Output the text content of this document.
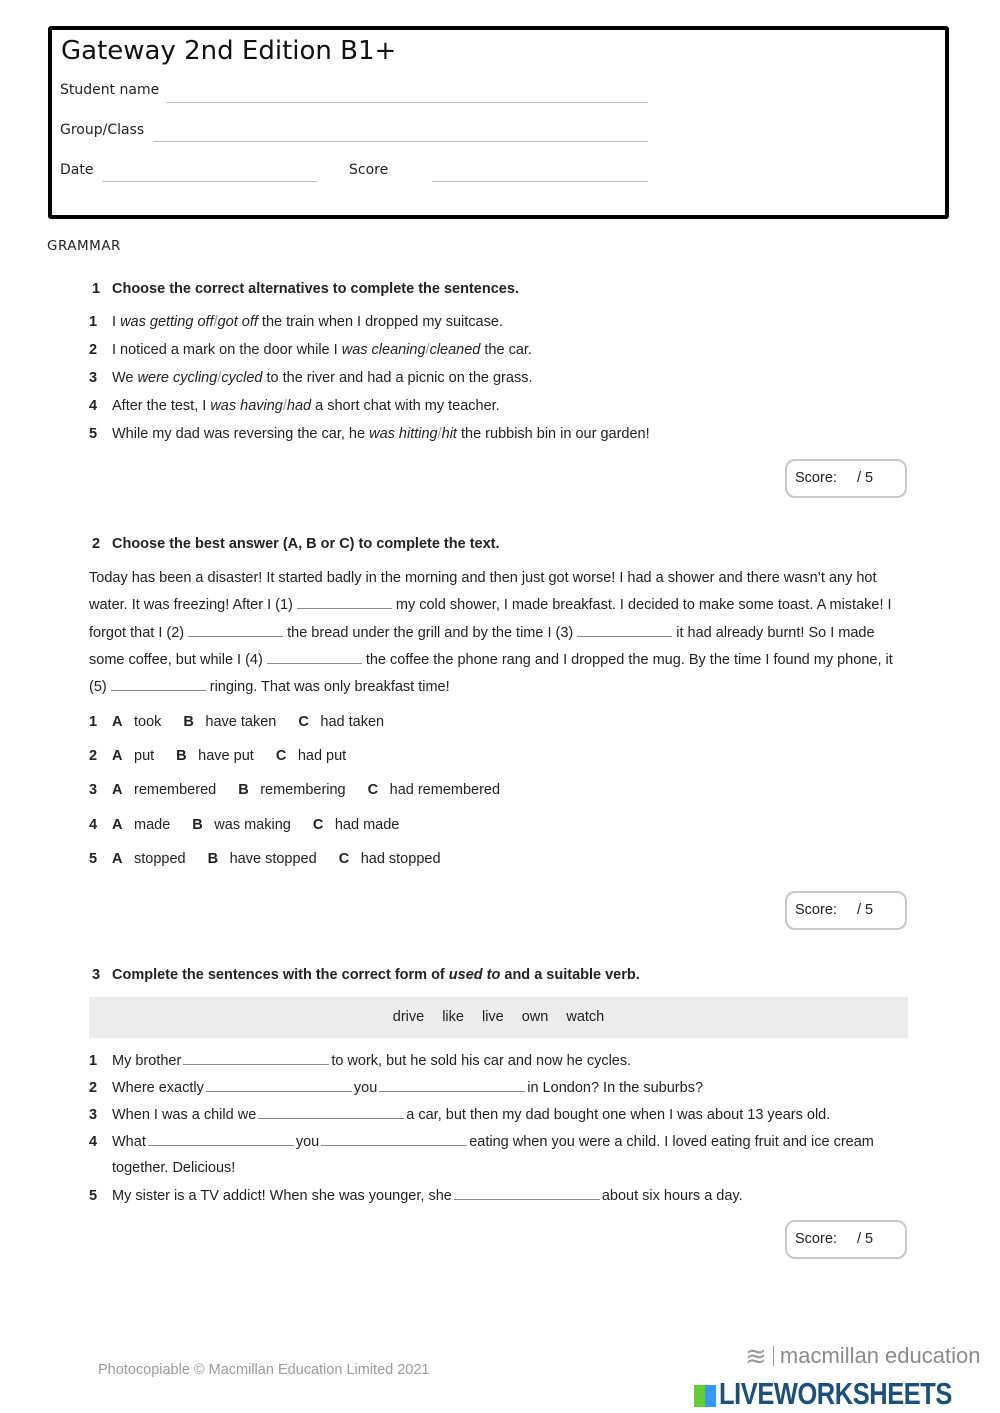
Gateway 2nd Edition B1+
Student name
Group/Class
Date	Score
GRAMMAR
1 Choose the correct alternatives to complete the sentences.
1 I was getting off/got off the train when I dropped my suitcase.
2 I noticed a mark on the door while I was cleaning/cleaned the car.
3 We were cycling/cycled to the river and had a picnic on the grass.
4 After the test, I was having/had a short chat with my teacher.
5 While my dad was reversing the car, he was hitting/hit the rubbish bin in our garden!
Score: / 5
2 Choose the best answer (A, B or C) to complete the text.
Today has been a disaster! It started badly in the morning and then just got worse! I had a shower and there wasn’t any hot water. It was freezing! After I (1)	my cold shower, I made breakfast. I decided to make some toast. A mistake! I forgot that I (2)	the bread under the grill and by the time I (3)	it had already burnt! So I made some coffee, but while I (4)	the coffee the phone rang and I dropped the mug. By the time I found my phone, it (5)	ringing. That was only breakfast time!
1 A took B have taken C had taken
2 A put B have put C had put
3 A remembered B remembering C had remembered
4 A made B was making C had made
5 A stopped B have stopped C had stopped
Score: / 5
3 Complete the sentences with the correct form of used to and a suitable verb.
drive like live own watch
1 My brother	to work, but he sold his car and now he cycles.
2 Where exactly	you	in London? In the suburbs?
3 When I was a child we	a car, but then my dad bought one when I was about 13 years old.
4 What	you	eating when you were a child. I loved eating fruit and ice cream
together. Delicious!
5 My sister is a TV addict! When she was younger, she	about six hours a day.
Score: / 5
Photocopiable © Macmillan Education Limited 2021	≋ macmillan education
LIVEWORKSHEETS
